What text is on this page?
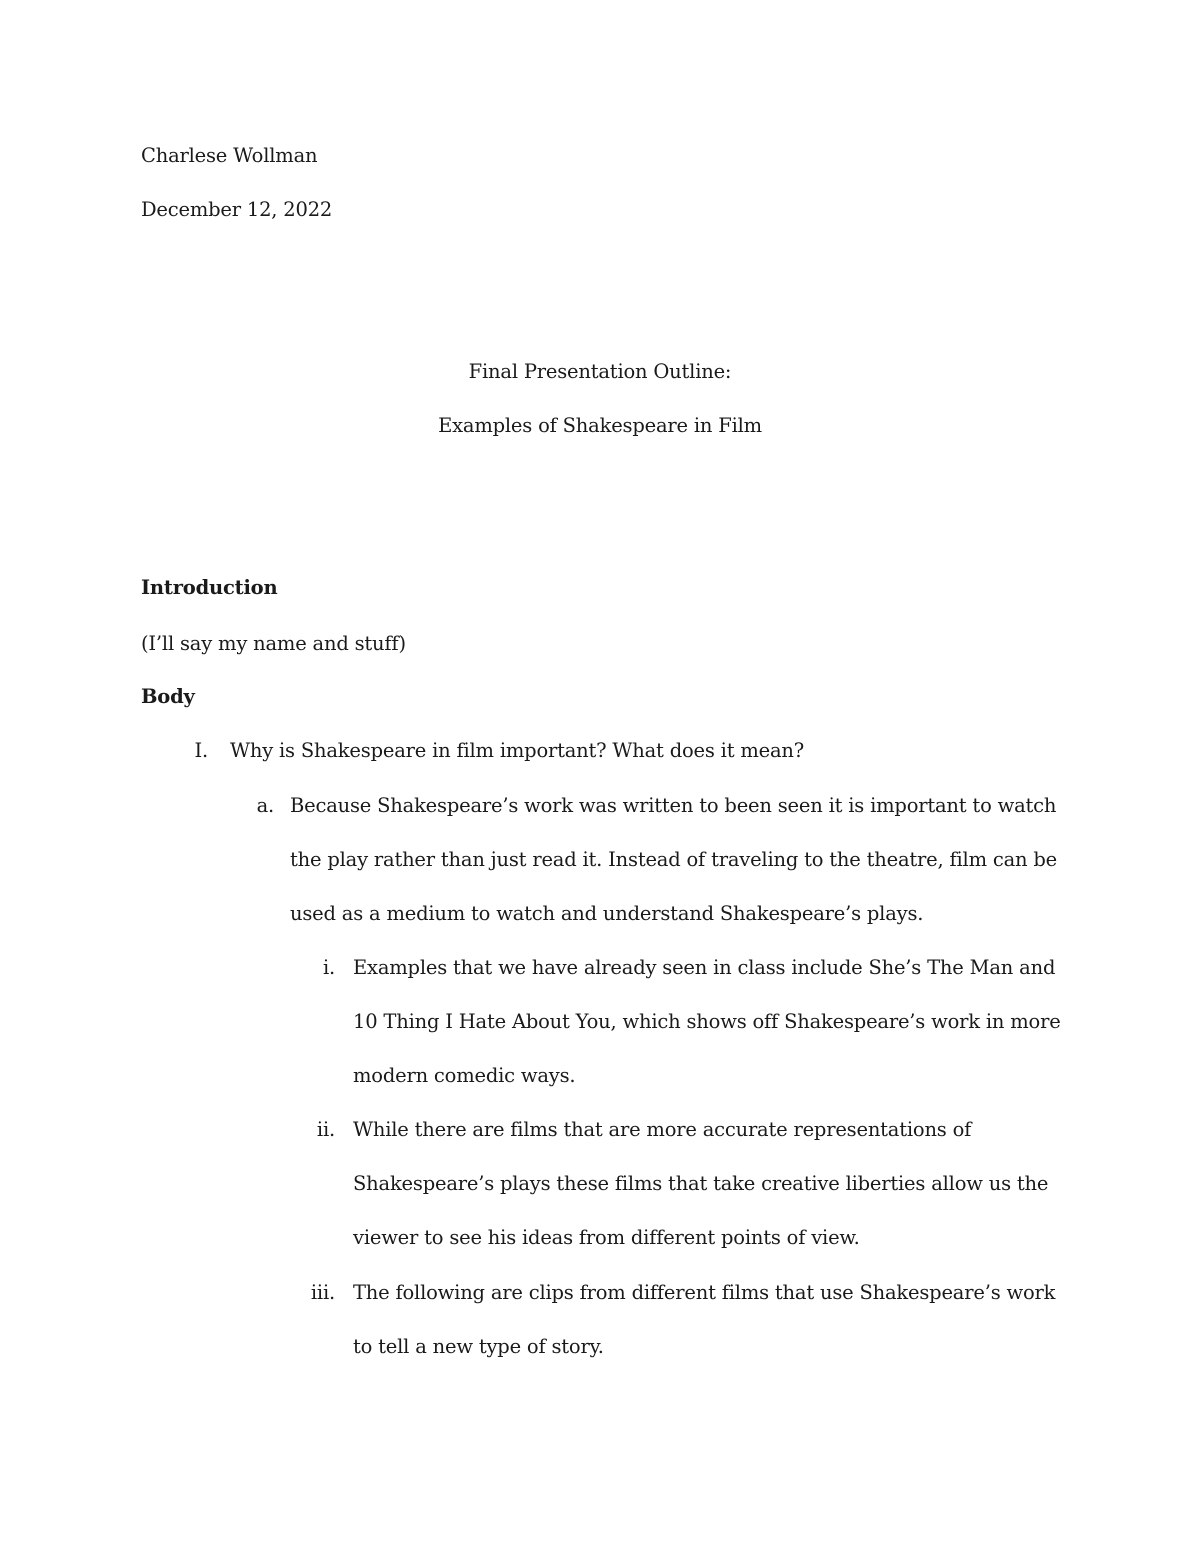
Charlese Wollman
December 12, 2022
Final Presentation Outline:
Examples of Shakespeare in Film
Introduction
(I’ll say my name and stuff)
Body
I. Why is Shakespeare in film important? What does it mean?
a. Because Shakespeare’s work was written to been seen it is important to watch
the play rather than just read it. Instead of traveling to the theatre, film can be
used as a medium to watch and understand Shakespeare’s plays.
i. Examples that we have already seen in class include She’s The Man and
10 Thing I Hate About You, which shows off Shakespeare’s work in more
modern comedic ways.
ii. While there are films that are more accurate representations of
Shakespeare’s plays these films that take creative liberties allow us the
viewer to see his ideas from different points of view.
iii. The following are clips from different films that use Shakespeare’s work
to tell a new type of story.
